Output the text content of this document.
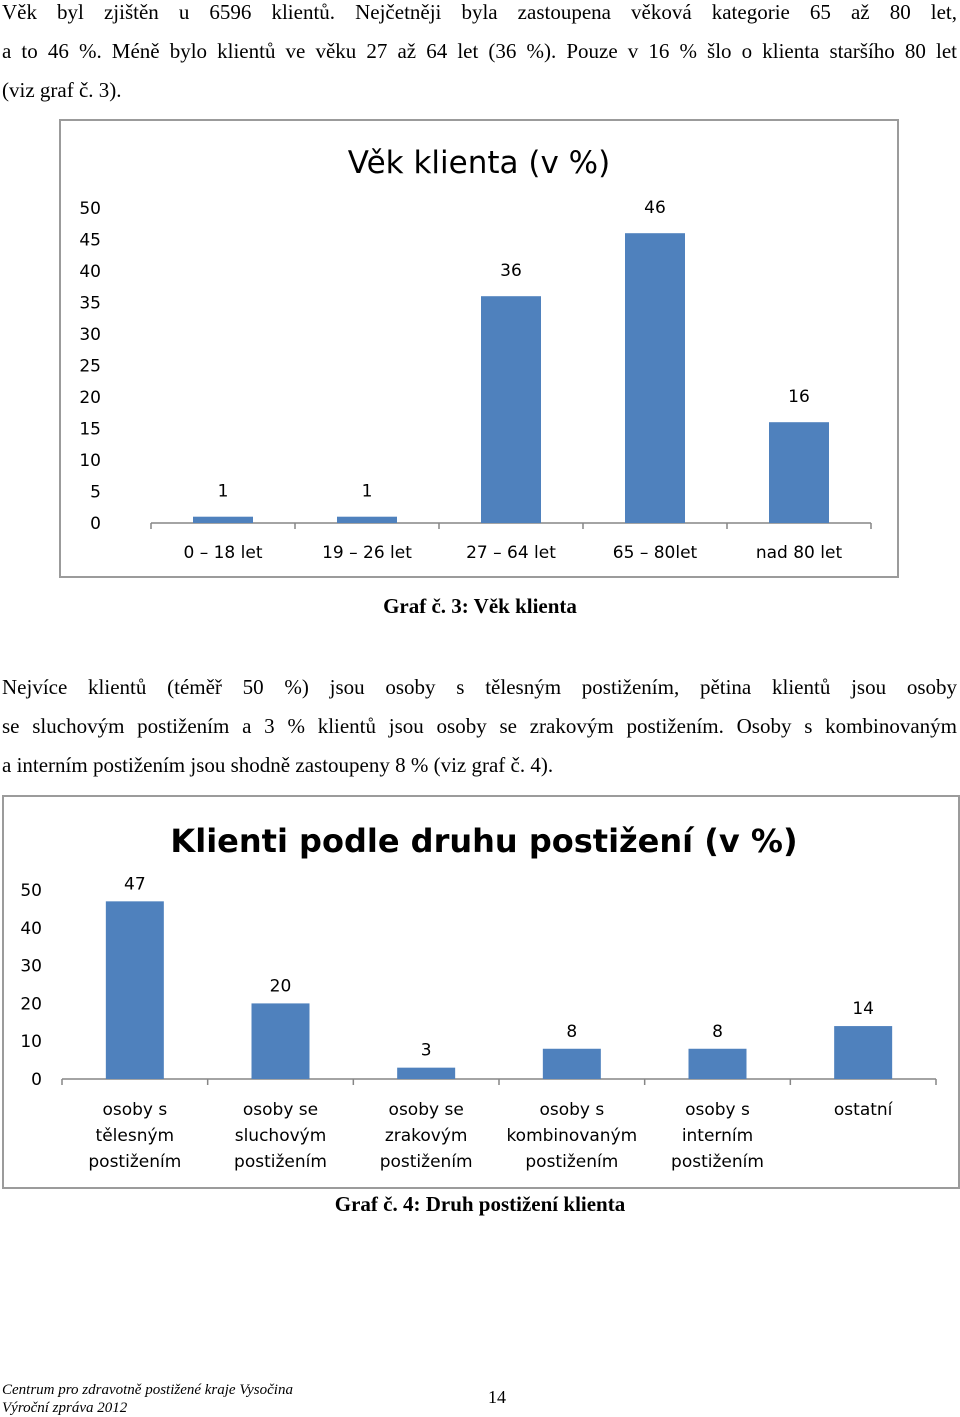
Věk byl zjištěn u 6596 klientů. Nejčetněji byla zastoupena věková kategorie 65 až 80 let,
a to 46 %. Méně bylo klientů ve věku 27 až 64 let (36 %). Pouze v 16 % šlo o klienta staršího 80 let
(viz graf č. 3).

Věk klienta (v %)
0
5
10
15
20
25
30
35
40
45
50
1
0 – 18 let
1
19 – 26 let
36
27 – 64 let
46
65 – 80let
16
nad 80 let
Graf č. 3: Věk klienta

Nejvíce klientů (téměř 50 %) jsou osoby s tělesným postižením, pětina klientů jsou osoby
se sluchovým postižením a 3 % klientů jsou osoby se zrakovým postižením. Osoby s kombinovaným
a interním postižením jsou shodně zastoupeny 8 % (viz graf č. 4).

Klienti podle druhu postižení (v %)
0
10
20
30
40
50	47
osoby s
tělesným
postižením
20
osoby se
sluchovým
postižením
3
osoby se
zrakovým
postižením
8
osoby s
kombinovaným
postižením
8
osoby s
interním
postižením
14
ostatní
Graf č. 4: Druh postižení klienta
Centrum pro zdravotně postižené kraje Vysočina
Výroční zpráva 2012
14
